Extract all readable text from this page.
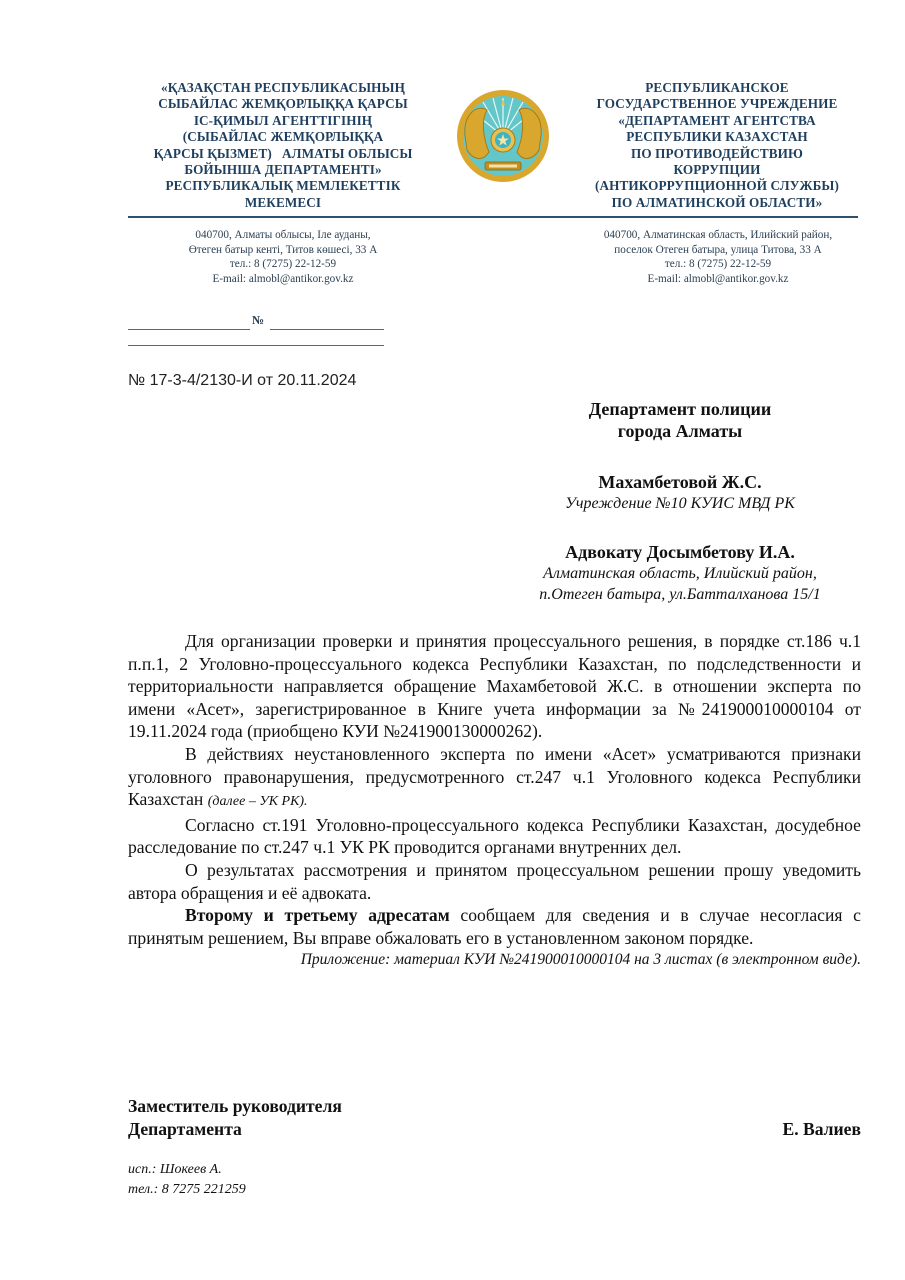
«ҚАЗАҚСТАН РЕСПУБЛИКАСЫНЫҢ
СЫБАЙЛАС ЖЕМҚОРЛЫҚҚА ҚАРСЫ
ІС-ҚИМЫЛ АГЕНТТІГІНІҢ
(СЫБАЙЛАС ЖЕМҚОРЛЫҚҚА
ҚАРСЫ ҚЫЗМЕТ)   АЛМАТЫ ОБЛЫСЫ
БОЙЫНША ДЕПАРТАМЕНТІ»
РЕСПУБЛИКАЛЫҚ МЕМЛЕКЕТТІК
МЕКЕМЕСІ
РЕСПУБЛИКАНСКОЕ
ГОСУДАРСТВЕННОЕ УЧРЕЖДЕНИЕ
«ДЕПАРТАМЕНТ АГЕНТСТВА
РЕСПУБЛИКИ КАЗАХСТАН
ПО ПРОТИВОДЕЙСТВИЮ
КОРРУПЦИИ
(АНТИКОРРУПЦИОННОЙ СЛУЖБЫ)
ПО АЛМАТИНСКОЙ ОБЛАСТИ»
040700, Алматы облысы, Іле ауданы,
Өтеген батыр кенті, Титов көшесі, 33 А
тел.: 8 (7275) 22-12-59
E-mail: almobl@antikor.gov.kz
040700, Алматинская область, Илийский район,
поселок Отеген батыра, улица Титова, 33 А
тел.: 8 (7275) 22-12-59
E-mail: almobl@antikor.gov.kz
№
№ 17-3-4/2130-И от 20.11.2024
Департамент полиции
города Алматы
Махамбетовой Ж.С.
Учреждение №10 КУИС МВД РК
Адвокату Досымбетову И.А.
Алматинская область, Илийский район,
п.Отеген батыра, ул.Батталханова 15/1

Для организации проверки и принятия процессуального решения, в порядке ст.186 ч.1 п.п.1, 2 Уголовно-процессуального кодекса Республики Казахстан, по подследственности и территориальности направляется обращение Махамбетовой Ж.С. в отношении эксперта по имени «Асет», зарегистрированное в Книге учета информации за №241900010000104 от 19.11.2024 года (приобщено КУИ №241900130000262).

В действиях неустановленного эксперта по имени «Асет» усматриваются признаки уголовного правонарушения, предусмотренного ст.247 ч.1 Уголовного кодекса Республики Казахстан (далее – УК РК).

Согласно ст.191 Уголовно-процессуального кодекса Республики Казахстан, досудебное расследование по ст.247 ч.1 УК РК проводится органами внутренних дел.

О результатах рассмотрения и принятом процессуальном решении прошу уведомить автора обращения и её адвоката.

Второму и третьему адресатам сообщаем для сведения и в случае несогласия с принятым решением, Вы вправе обжаловать его в установленном законом порядке.

Приложение: материал КУИ №241900010000104 на 3 листах (в электронном виде).

Заместитель руководителя
Департамента	Е. Валиев
исп.: Шокеев А.
тел.: 8 7275 221259
